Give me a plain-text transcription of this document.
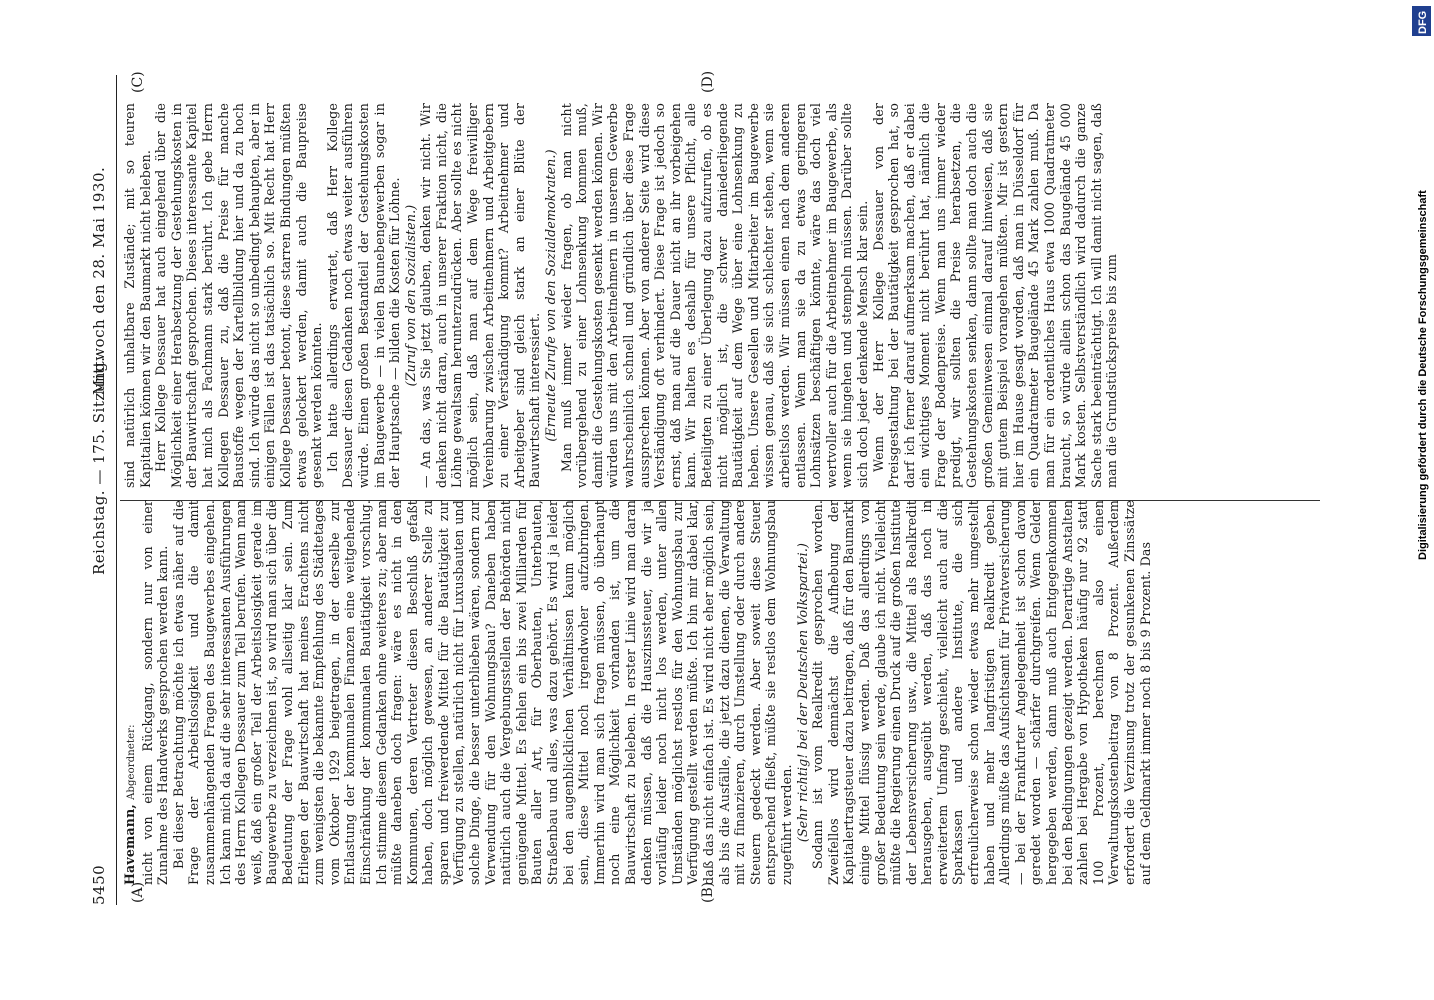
5450
Reichstag. — 175. Sitzung.
Mittwoch den 28. Mai 1930.
(A)	(B)
(C)	(D)

Havemann, Abgeordneter: nicht von einem Rückgang, sondern nur von einer Zunahme des Handwerks gesprochen werden kann. Bei dieser Betrachtung möchte ich etwas näher auf die Frage der Arbeitslosigkeit und die damit zusammenhängenden Fragen des Baugewerbes eingehen. Ich kann mich da auf die sehr interessanten Ausführungen des Herrn Kollegen Dessauer zum Teil berufen. Wenn man weiß, daß ein großer Teil der Arbeitslosigkeit gerade im Baugewerbe zu verzeichnen ist, so wird man sich über die Bedeutung der Frage wohl allseitig klar sein. Zum Erliegen der Bauwirtschaft hat meines Erachtens nicht zum wenigsten die bekannte Empfehlung des Städtetages vom Oktober 1929 beigetragen, in der derselbe zur Entlastung der kommunalen Finanzen eine weitgehende Einschränkung der kommunalen Bautätigkeit vorschlug. Ich stimme diesem Gedanken ohne weiteres zu; aber man müßte daneben doch fragen: wäre es nicht in den Kommunen, deren Vertreter diesen Beschluß gefaßt haben, doch möglich gewesen, an anderer Stelle zu sparen und freiwerdende Mittel für die Bautätigkeit zur Verfügung zu stellen, natürlich nicht für Luxusbauten und solche Dinge, die besser unterblieben wären, sondern zur Verwendung für den Wohnungsbau? Daneben haben natürlich auch die Vergebungsstellen der Behörden nicht genügende Mittel. Es fehlen ein bis zwei Milliarden für Bauten aller Art, für Oberbauten, Unterbauten, Straßenbau und alles, was dazu gehört. Es wird ja leider bei den augenblicklichen Verhältnissen kaum möglich sein, diese Mittel noch irgendwoher aufzubringen. Immerhin wird man sich fragen müssen, ob überhaupt noch eine Möglichkeit vorhanden ist, um die Bauwirtschaft zu beleben. In erster Linie wird man daran denken müssen, daß die Hauszinssteuer, die wir ja vorläufig leider noch nicht los werden, unter allen Umständen möglichst restlos für den Wohnungsbau zur Verfügung gestellt werden müßte. Ich bin mir dabei klar, daß das nicht einfach ist. Es wird nicht eher möglich sein, als bis die Ausfälle, die jetzt dazu dienen, die Verwaltung mit zu finanzieren, durch Umstellung oder durch andere Steuern gedeckt werden. Aber soweit diese Steuer entsprechend fließt, müßte sie restlos dem Wohnungsbau zugeführt werden. (Sehr richtig! bei der Deutschen Volkspartei.) Sodann ist vom Realkredit gesprochen worden. Zweifellos wird demnächst die Aufhebung der Kapitalertragsteuer dazu beitragen, daß für den Baumarkt einige Mittel flüssig werden. Daß das allerdings von großer Bedeutung sein werde, glaube ich nicht. Vielleicht müßte die Regierung einen Druck auf die großen Institute der Lebensversicherung usw., die Mittel als Realkredit herausgeben, ausgeübt werden, daß das noch in erweitertem Umfang geschieht, vielleicht auch auf die Sparkassen und andere Institute, die sich erfreulicherweise schon wieder etwas mehr umgestellt haben und mehr langfristigen Realkredit geben. Allerdings müßte das Aufsichtsamt für Privatversicherung — bei der Frankfurter Angelegenheit ist schon davon geredet worden — schärfer durchgreifen. Wenn Gelder hergegeben werden, dann muß auch Entgegenkommen bei den Bedingungen gezeigt werden. Derartige Anstalten zahlen bei Hergabe von Hypotheken häufig nur 92 statt 100 Prozent, berechnen also einen Verwaltungskostenbeitrag von 8 Prozent. Außerdem erfordert die Verzinsung trotz der gesunkenen Zinssätze auf dem Geldmarkt immer noch 8 bis 9 Prozent. Das

sind natürlich unhaltbare Zustände; mit so teuren Kapitalien können wir den Baumarkt nicht beleben. Herr Kollege Dessauer hat auch eingehend über die Möglichkeit einer Herabsetzung der Gestehungskosten in der Bauwirtschaft gesprochen. Dieses interessante Kapitel hat mich als Fachmann stark berührt. Ich gebe Herrn Kollegen Dessauer zu, daß die Preise für manche Baustoffe wegen der Kartellbildung hier und da zu hoch sind. Ich würde das nicht so unbedingt behaupten, aber in einigen Fällen ist das tatsächlich so. Mit Recht hat Herr Kollege Dessauer betont, diese starren Bindungen müßten etwas gelockert werden, damit auch die Baupreise gesenkt werden könnten. Ich hatte allerdings erwartet, daß Herr Kollege Dessauer diesen Gedanken noch etwas weiter ausführen würde. Einen großen Bestandteil der Gestehungskosten im Baugewerbe — in vielen Baunebengewerben sogar in der Hauptsache — bilden die Kosten für Löhne. (Zuruf von den Sozialisten.) — An das, was Sie jetzt glauben, denken wir nicht. Wir denken nicht daran, auch in unserer Fraktion nicht, die Löhne gewaltsam herunterzudrücken. Aber sollte es nicht möglich sein, daß man auf dem Wege freiwilliger Vereinbarung zwischen Arbeitnehmern und Arbeitgebern zu einer Verständigung kommt? Arbeitnehmer und Arbeitgeber sind gleich stark an einer Blüte der Bauwirtschaft interessiert. (Erneute Zurufe von den Sozialdemokraten.) Man muß immer wieder fragen, ob man nicht vorübergehend zu einer Lohnsenkung kommen muß, damit die Gestehungskosten gesenkt werden können. Wir würden uns mit den Arbeitnehmern in unserem Gewerbe wahrscheinlich schnell und gründlich über diese Frage aussprechen können. Aber von anderer Seite wird diese Verständigung oft verhindert. Diese Frage ist jedoch so ernst, daß man auf die Dauer nicht an ihr vorbeigehen kann. Wir halten es deshalb für unsere Pflicht, alle Beteiligten zu einer Überlegung dazu aufzurufen, ob es nicht möglich ist, die schwer daniederliegende Bautätigkeit auf dem Wege über eine Lohnsenkung zu heben. Unsere Gesellen und Mitarbeiter im Baugewerbe wissen genau, daß sie sich schlechter stehen, wenn sie arbeitslos werden. Wir müssen einen nach dem anderen entlassen. Wenn man sie da zu etwas geringeren Lohnsätzen beschäftigen könnte, wäre das doch viel wertvoller auch für die Arbeitnehmer im Baugewerbe, als wenn sie hingehen und stempeln müssen. Darüber sollte sich doch jeder denkende Mensch klar sein. Wenn der Herr Kollege Dessauer von der Preisgestaltung bei der Bautätigkeit gesprochen hat, so darf ich ferner darauf aufmerksam machen, daß er dabei ein wichtiges Moment nicht berührt hat, nämlich die Frage der Bodenpreise. Wenn man uns immer wieder predigt, wir sollten die Preise herabsetzen, die Gestehungskosten senken, dann sollte man doch auch die großen Gemeinwesen einmal darauf hinweisen, daß sie mit gutem Beispiel vorangehen müßten. Mir ist gestern hier im Hause gesagt worden, daß man in Düsseldorf für ein Quadratmeter Baugelände 45 Mark zahlen muß. Da man für ein ordentliches Haus etwa 1000 Quadratmeter braucht, so würde allein schon das Baugelände 45 000 Mark kosten. Selbstverständlich wird dadurch die ganze Sache stark beeinträchtigt. Ich will damit nicht sagen, daß man die Grundstückspreise bis zum

DFG
Digitalisierung gefördert durch die Deutsche Forschungsgemeinschaft
